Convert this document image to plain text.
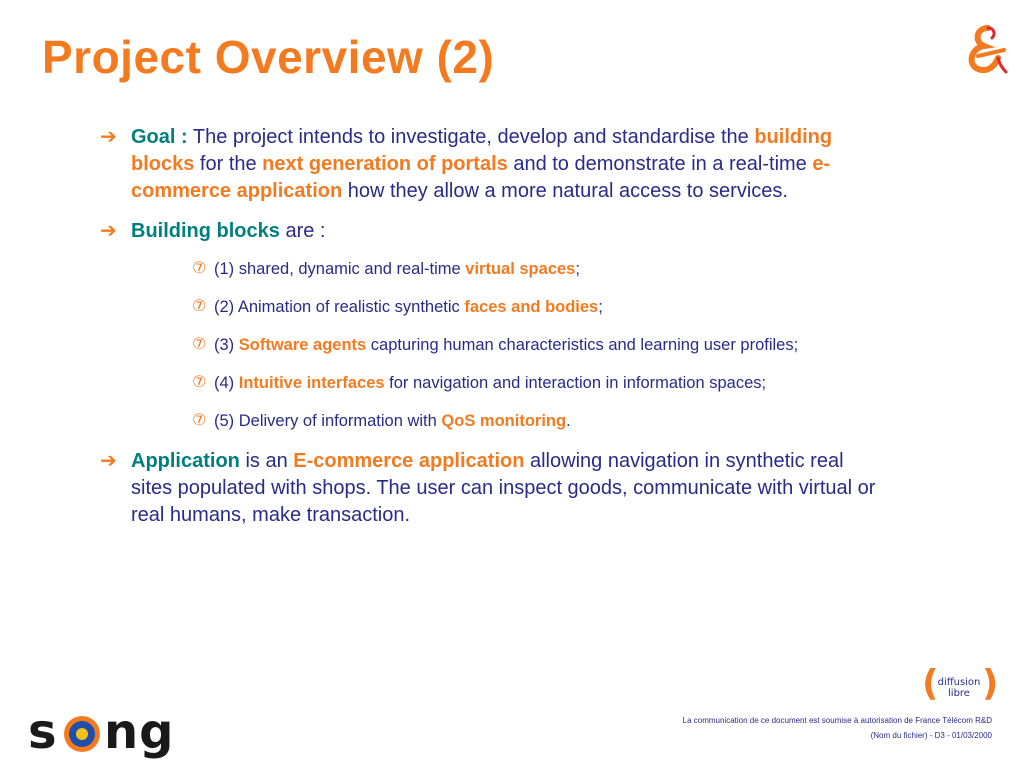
Project Overview (2)
➔ Goal : The project intends to investigate, develop and standardise the building blocks for the next generation of portals and to demonstrate in a real-time e-commerce application how they allow a more natural access to services.
➔ Building blocks are :
⑦ (1) shared, dynamic and real-time virtual spaces;
⑦ (2) Animation of realistic synthetic faces and bodies;
⑦ (3) Software agents capturing human characteristics and learning user profiles;
⑦ (4) Intuitive interfaces for navigation and interaction in information spaces;
⑦ (5) Delivery of information with QoS monitoring.
➔ Application is an E-commerce application allowing navigation in synthetic real sites populated with shops. The user can inspect goods, communicate with virtual or real humans, make transaction.
( diffusion
libre )
La communication de ce document est soumise à autorisation de France Télécom R&D
(Nom du fichier) - D3 - 01/03/2000
s ng
